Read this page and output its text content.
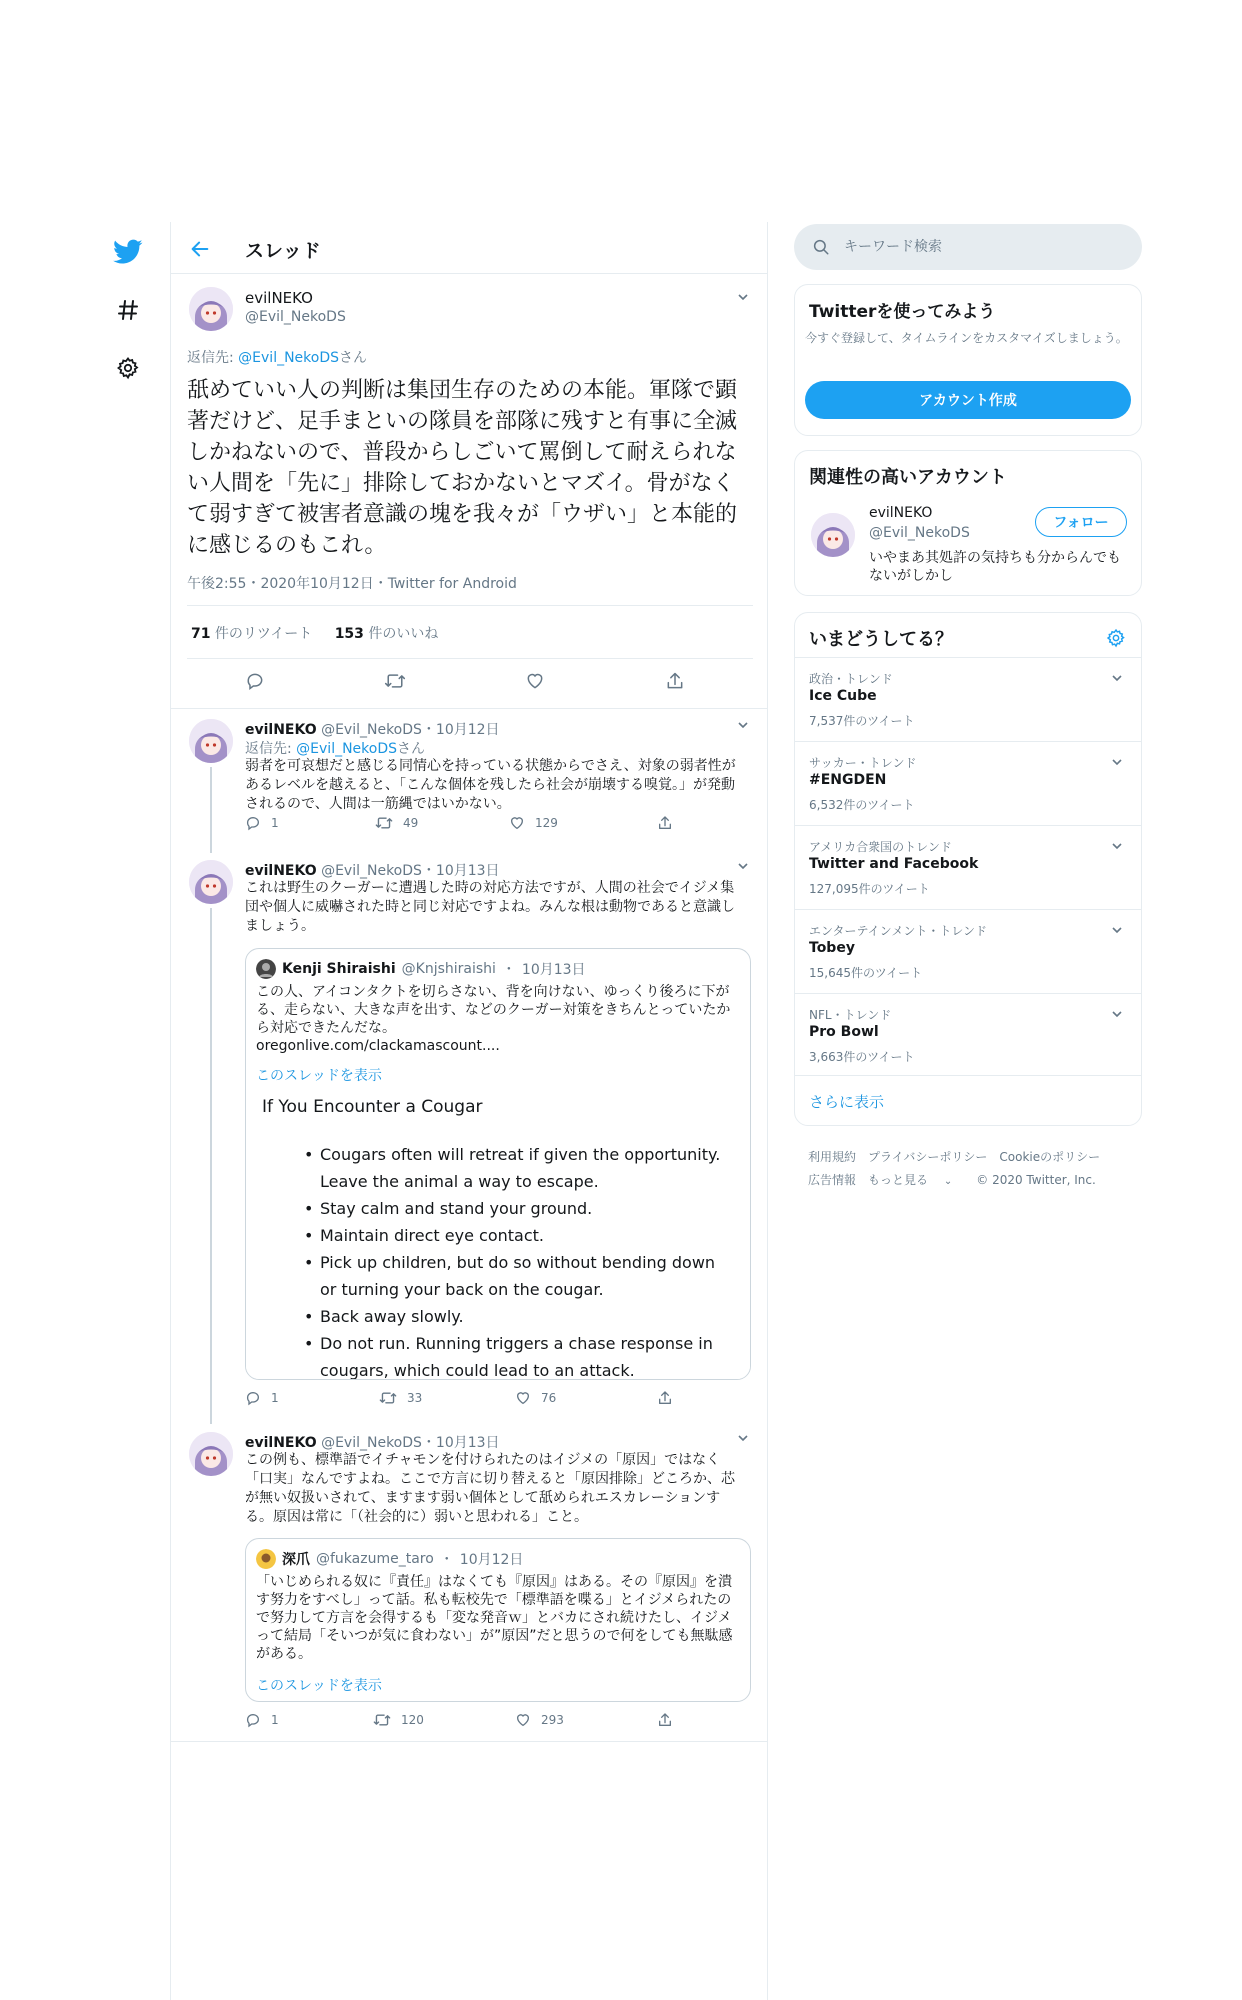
スレッド
evilNEKO
@Evil_NekoDS
返信先: @Evil_NekoDSさん
舐めていい人の判断は集団生存のための本能。軍隊で顕著だけど、足手まといの隊員を部隊に残すと有事に全滅しかねないので、普段からしごいて罵倒して耐えられない人間を「先に」排除しておかないとマズイ。骨がなくて弱すぎて被害者意識の塊を我々が「ウザい」と本能的に感じるのもこれ。
午後2:55・2020年10月12日・Twitter for Android
71 件のリツイート 153 件のいいね
evilNEKO @Evil_NekoDS・10月12日
返信先: @Evil_NekoDSさん
弱者を可哀想だと感じる同情心を持っている状態からでさえ、対象の弱者性があるレベルを越えると、「こんな個体を残したら社会が崩壊する嗅覚。」が発動されるので、人間は一筋縄ではいかない。
1	49	129
evilNEKO @Evil_NekoDS・10月13日
これは野生のクーガーに遭遇した時の対応方法ですが、人間の社会でイジメ集団や個人に威嚇された時と同じ対応ですよね。みんな根は動物であると意識しましょう。
Kenji Shiraishi @Knjshiraishi ・ 10月13日
この人、アイコンタクトを切らさない、背を向けない、ゆっくり後ろに下がる、走らない、大きな声を出す、などのクーガー対策をきちんとっていたから対応できたんだな。
oregonlive.com/clackamascount....
このスレッドを表示
If You Encounter a Cougar
• Cougars often will retreat if given the opportunity. Leave the animal a way to escape.
• Stay calm and stand your ground.
• Maintain direct eye contact.
• Pick up children, but do so without bending down or turning your back on the cougar.
• Back away slowly.
• Do not run. Running triggers a chase response in cougars, which could lead to an attack.
1	33	76
evilNEKO @Evil_NekoDS・10月13日
この例も、標準語でイチャモンを付けられたのはイジメの「原因」ではなく「口実」なんですよね。ここで方言に切り替えると「原因排除」どころか、芯が無い奴扱いされて、ますます弱い個体として舐められエスカレーションする。原因は常に「（社会的に）弱いと思われる」こと。
深爪 @fukazume_taro ・ 10月12日
「いじめられる奴に『責任』はなくても『原因』はある。その『原因』を潰す努力をすべし」って話。私も転校先で「標準語を喋る」とイジメられたので努力して方言を会得するも「変な発音ｗ」とバカにされ続けたし、イジメって結局「そいつが気に食わない」が”原因”だと思うので何をしても無駄感がある。
このスレッドを表示
1	120	293
キーワード検索
Twitterを使ってみよう
今すぐ登録して、タイムラインをカスタマイズしましょう。
アカウント作成
関連性の高いアカウント
evilNEKO
@Evil_NekoDS
フォロー
いやまあ其処許の気持ちも分からんでもないがしかし
いまどうしてる？
政治・トレンド
Ice Cube
7,537件のツイート
サッカー・トレンド
#ENGDEN
6,532件のツイート
アメリカ合衆国のトレンド
Twitter and Facebook
127,095件のツイート
エンターテインメント・トレンド
Tobey
15,645件のツイート
NFL・トレンド
Pro Bowl
3,663件のツイート
さらに表示
利用規約 プライバシーポリシー Cookieのポリシー
広告情報 もっと見る ⌄ © 2020 Twitter, Inc.
